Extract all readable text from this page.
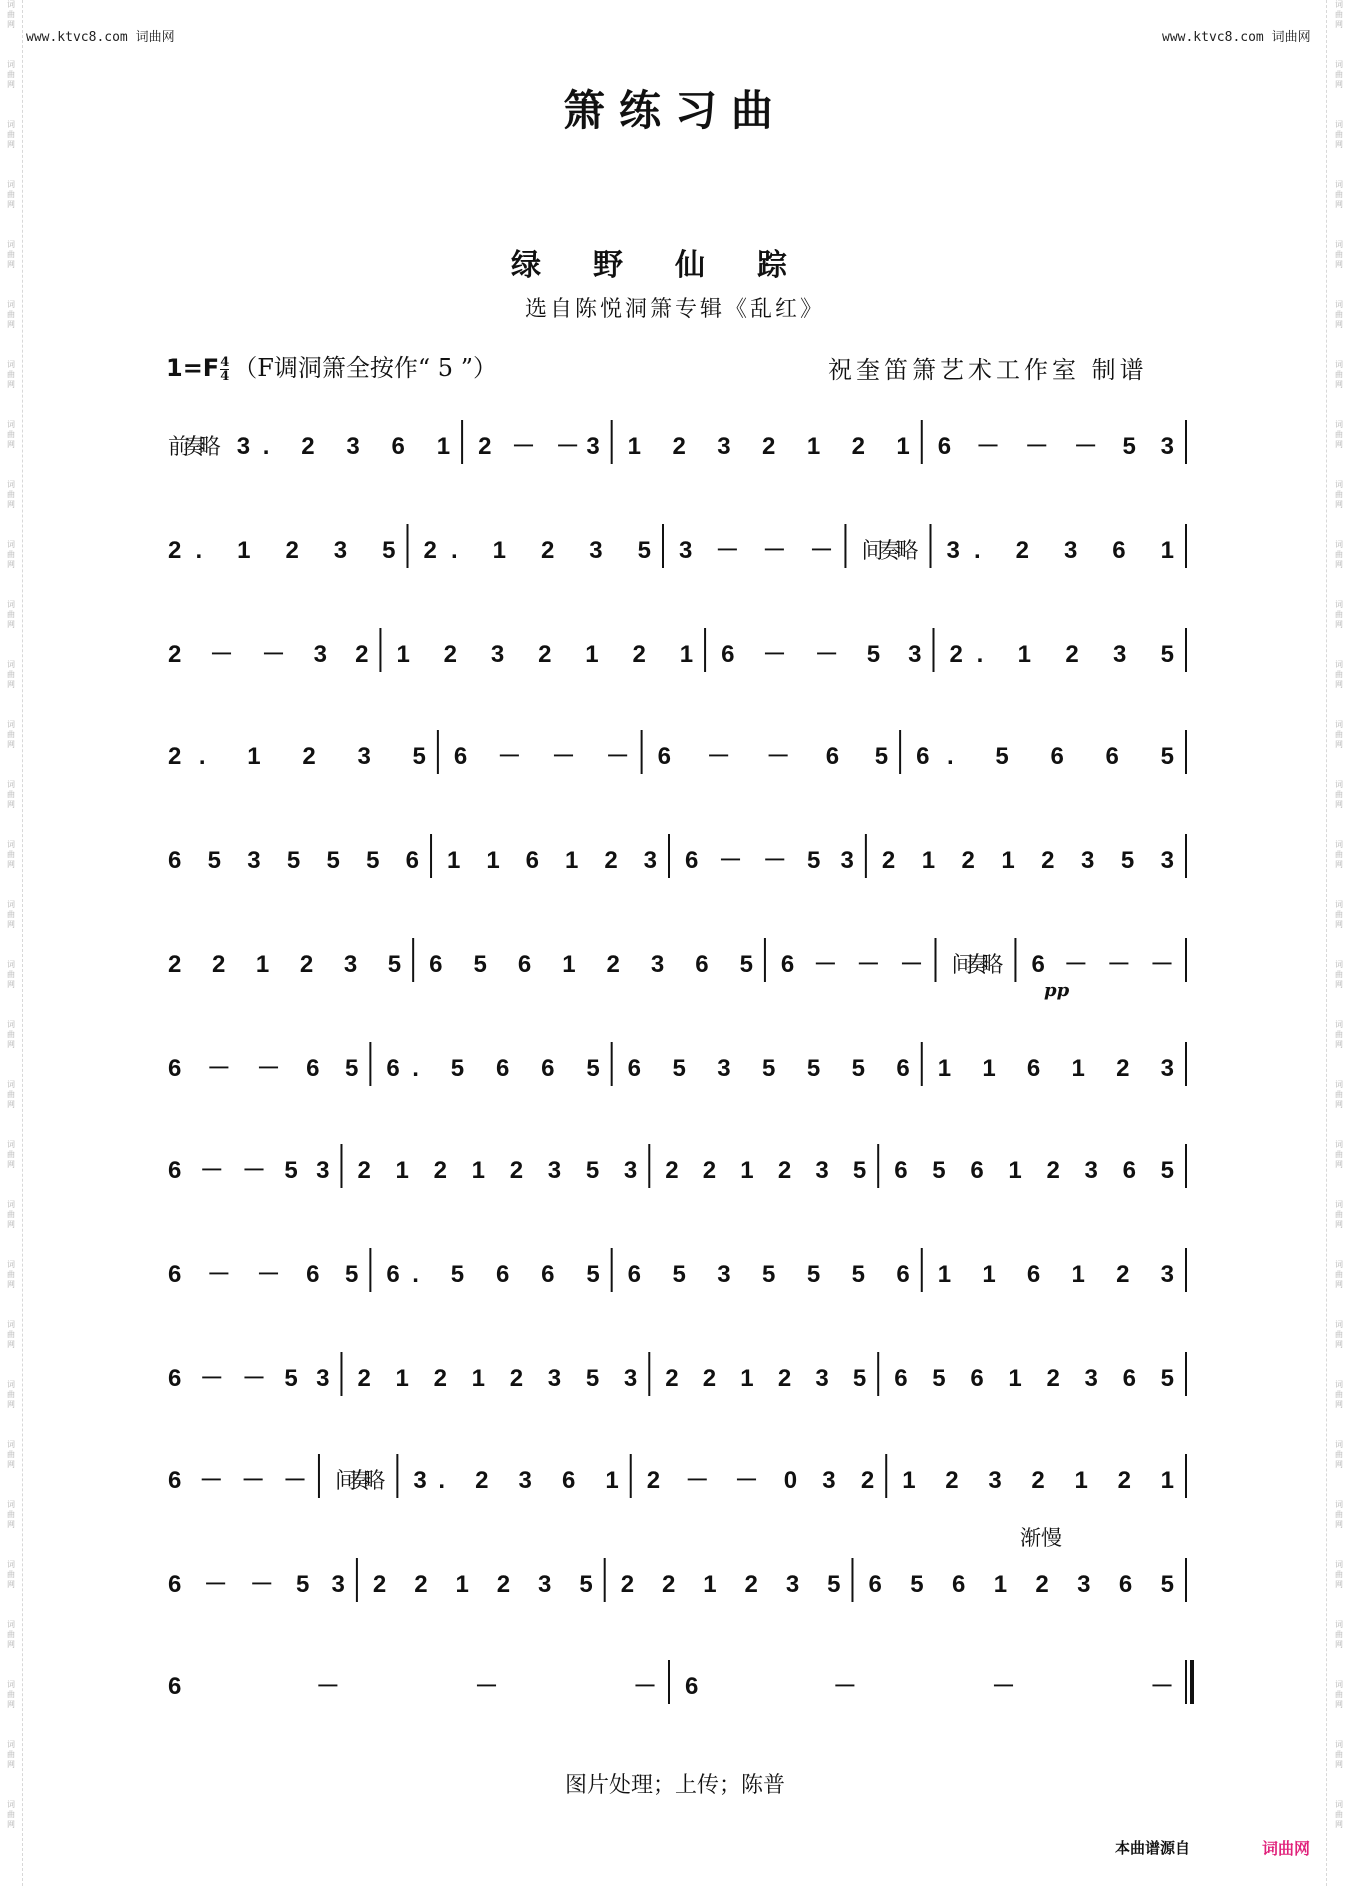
词
曲
网
词
曲
网
词
曲
网
词
曲
网
词
曲
网
词
曲
网
词
曲
网
词
曲
网
词
曲
网
词
曲
网
词
曲
网
词
曲
网
词
曲
网
词
曲
网
词
曲
网
词
曲
网
词
曲
网
词
曲
网
词
曲
网
词
曲
网
词
曲
网
词
曲
网
词
曲
网
词
曲
网
词
曲
网
词
曲
网
词
曲
网
词
曲
网
词
曲
网
词
曲
网
词
曲
网
词
曲
网
词
曲
网
词
曲
网
词
曲
网
词
曲
网
词
曲
网
词
曲
网
词
曲
网
词
曲
网
词
曲
网
词
曲
网
词
曲
网
词
曲
网
词
曲
网
词
曲
网
词
曲
网
词
曲
网
词
曲
网
词
曲
网
词
曲
网
词
曲
网
词
曲
网
词
曲
网
词
曲
网
词
曲
网
词
曲
网
词
曲
网
词
曲
网
词
曲
网
词
曲
网
词
曲
网
www.ktvc8.com 词曲网	www.ktvc8.com 词曲网
箫练习曲
绿野仙踪
选自陈悦洞箫专辑《乱红》
$1=F \frac{4}{4} (F$调洞箫全按作“ 5 ”）	祝奎笛箫艺术工作室 制谱
前奏略 3. 2 3 6 1 2 － －3 1 2 3 2 1 2 1 6 － － － 5 3
2. 1 2 3 5 2. 1 2 3 5 3 － － － 间奏略 3. 2 3 6 1
2 － － 3 2 1 2 3 2 1 2 1 6 － － 5 3 2. 1 2 3 5
2. 1 2 3 5 6 － － － 6 － － 6 5 6. 5 6 6 5
6 5 3 5 5 5 6 1 1 6 1 2 3 6 － － 5 3 2 1 2 1 2 3 5 3
2 2 1 2 3 5 6 5 6 1 2 3 6 5 6 － － － 间奏略 6 － － －
6 － － 6 5 6. 5 6 6 5 6 5 3 5 5 5 6 1 1 6 1 2 3
6 － － 5 3 2 1 2 1 2 3 5 3 2 2 1 2 3 5 6 5 6 1 2 3 6 5
6 － － 6 5 6. 5 6 6 5 6 5 3 5 5 5 6 1 1 6 1 2 3
6 － － 5 3 2 1 2 1 2 3 5 3 2 2 1 2 3 5 6 5 6 1 2 3 6 5
6 － － － 间奏略 3. 2 3 6 1 2 － － 0 3 2 1 2 3 2 1 2 1
6 － － 5 3 2 2 1 2 3 5 2 2 1 2 3 5 6 5 6 1 2 3 6 5
6 － － － 6 － － －
图片处理；上传；陈普
本曲谱源自	词曲网
渐慢
pp
